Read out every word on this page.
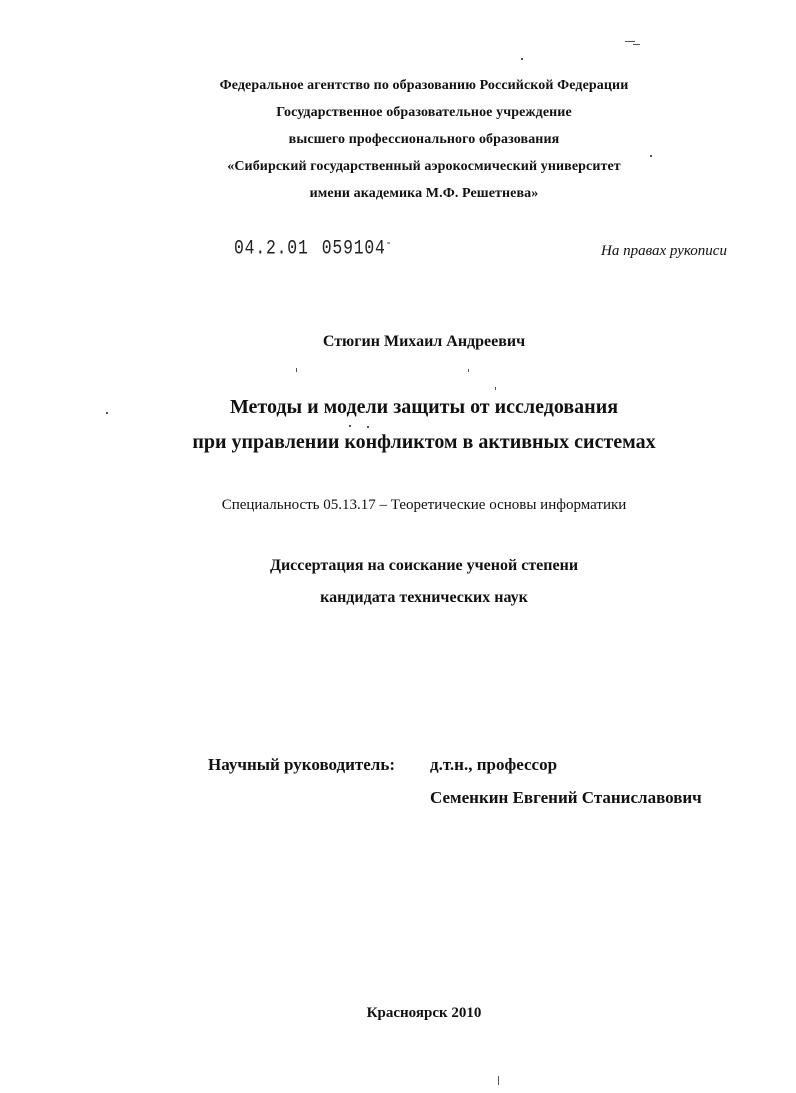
Федеральное агентство по образованию Российской Федерации
Государственное образовательное учреждение
высшего профессионального образования
«Сибирский государственный аэрокосмический университет
имени академика М.Ф. Решетнева»
04.2.01 059104-	На правах рукописи
Стюгин Михаил Андреевич
Методы и модели защиты от исследования
при управлении конфликтом в активных системах
Специальность 05.13.17 – Теоретические основы информатики
Диссертация на соискание ученой степени
кандидата технических наук
Научный руководитель: д.т.н., профессор
Семенкин Евгений Станиславович
Красноярск 2010
